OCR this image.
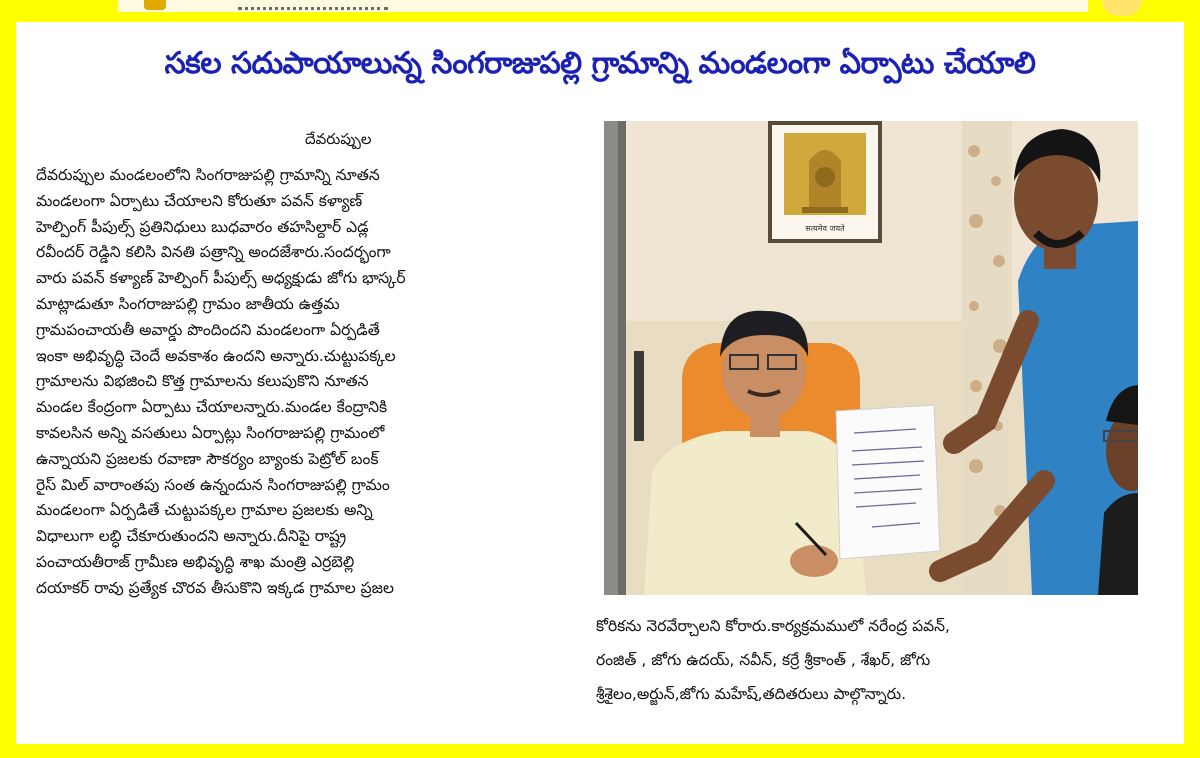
సకల సదుపాయాలున్న సింగరాజుపల్లి గ్రామాన్ని మండలంగా ఏర్పాటు చేయాలి
దేవరుప్పుల
దేవరుప్పుల మండలంలోని సింగరాజుపల్లి గ్రామాన్ని నూతన
మండలంగా ఏర్పాటు చేయాలని కోరుతూ పవన్ కళ్యాణ్
హెల్పింగ్ పీపుల్స్ ప్రతినిధులు బుధవారం తహసిల్దార్ ఎడ్ల
రవీందర్ రెడ్డిని కలిసి వినతి పత్రాన్ని అందజేశారు.సందర్భంగా
వారు పవన్ కళ్యాణ్ హెల్పింగ్ పీపుల్స్ అధ్యక్షుడు జోగు భాస్కర్
మాట్లాడుతూ సింగరాజుపల్లి గ్రామం జాతీయ ఉత్తమ
గ్రామపంచాయతీ అవార్డు పొందిందని మండలంగా ఏర్పడితే
ఇంకా అభివృద్ధి చెందే అవకాశం ఉందని అన్నారు.చుట్టుపక్కల
గ్రామాలను విభజించి కొత్త గ్రామాలను కలుపుకొని నూతన
మండల కేంద్రంగా ఏర్పాటు చేయాలన్నారు.మండల కేంద్రానికి
కావలసిన అన్ని వసతులు ఏర్పాట్లు సింగరాజుపల్లి గ్రామంలో
ఉన్నాయని ప్రజలకు రవాణా సౌకర్యం బ్యాంకు పెట్రోల్ బంక్
రైస్ మిల్ వారాంతపు సంత ఉన్నందున సింగరాజుపల్లి గ్రామం
మండలంగా ఏర్పడితే చుట్టుపక్కల గ్రామాల ప్రజలకు అన్ని
విధాలుగా లబ్ధి చేకూరుతుందని అన్నారు.దీనిపై రాష్ట్ర
పంచాయతీరాజ్ గ్రామీణ అభివృద్ధి శాఖ మంత్రి ఎర్రబెల్లి
దయాకర్ రావు ప్రత్యేక చొరవ తీసుకొని ఇక్కడ గ్రామాల ప్రజల
सत्यमेव जयते
కోరికను నెరవేర్చాలని కోరారు.కార్యక్రమములో నరేంద్ర పవన్,
రంజిత్ , జోగు ఉదయ్, నవీన్, కర్రే శ్రీకాంత్ , శేఖర్, జోగు
శ్రీశైలం,అర్జున్,జోగు మహేష్,తదితరులు పాల్గొన్నారు.
